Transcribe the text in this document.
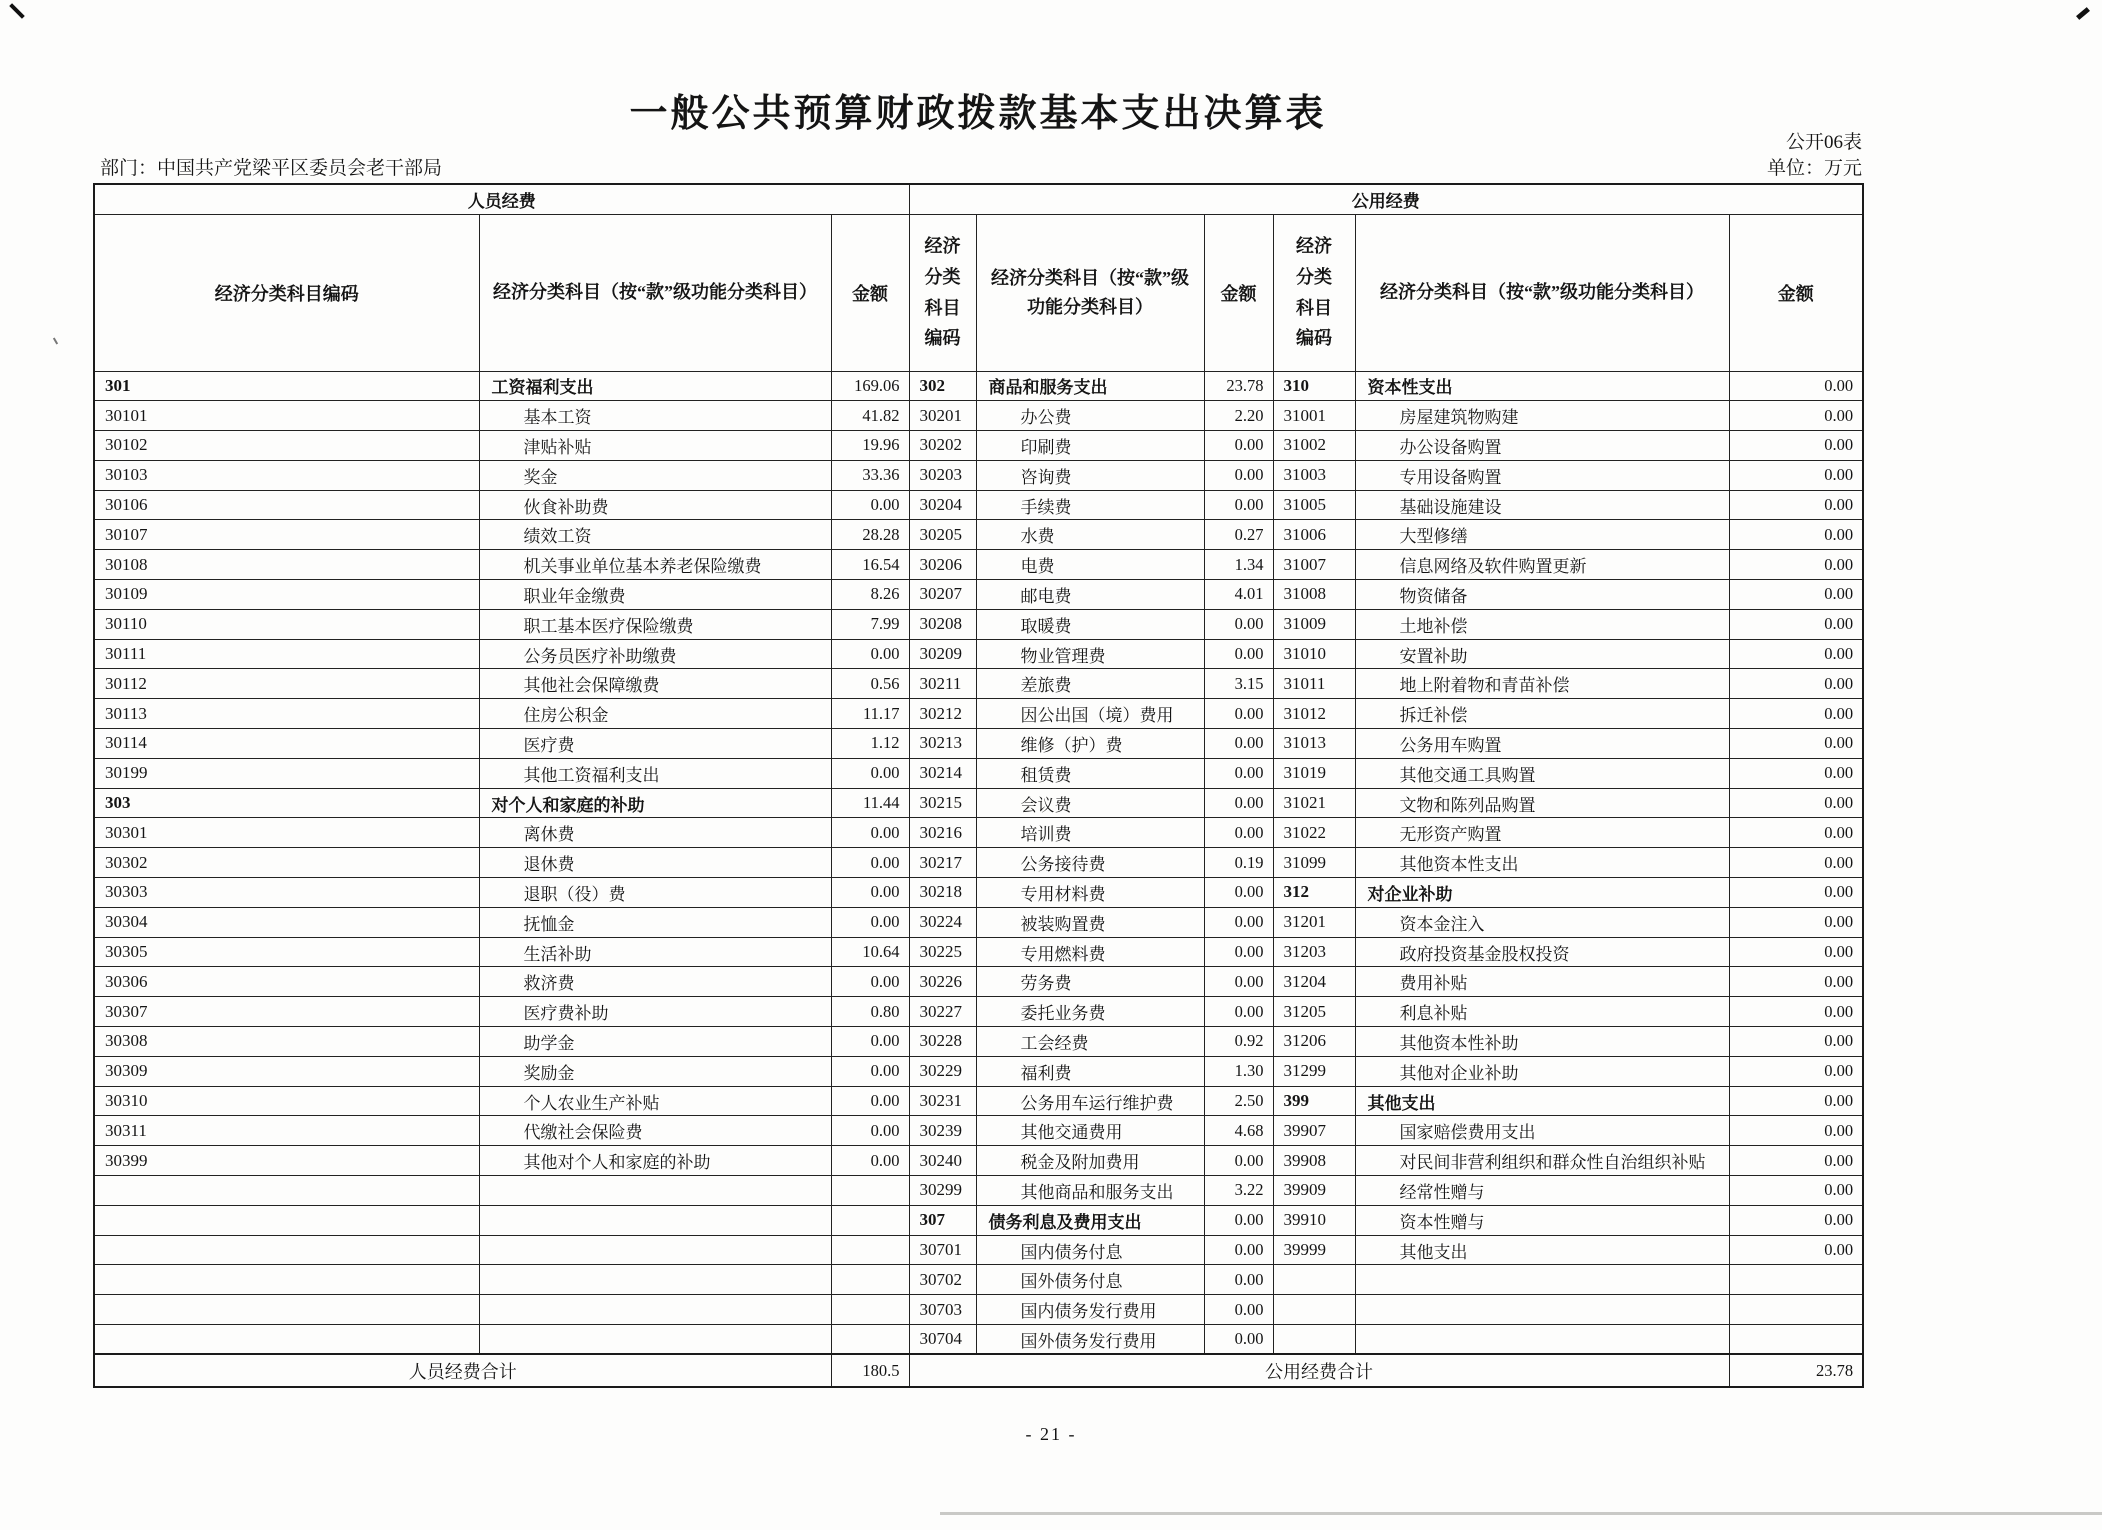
一般公共预算财政拨款基本支出决算表
公开06表
单位：万元
部门：中国共产党梁平区委员会老干部局
人员经费			公用经费					
经济分类科目编码	经济分类科目（按“款”级功能分类科目）	金额	经济分类科目编码	经济分类科目（按“款”级功能分类科目）	金额	经济分类科目编码	经济分类科目（按“款”级功能分类科目）	金额
301	工资福利支出	169.06	302	商品和服务支出	23.78	310	资本性支出	0.00
30101	基本工资	41.82	30201	办公费	2.20	31001	房屋建筑物购建	0.00
30102	津贴补贴	19.96	30202	印刷费	0.00	31002	办公设备购置	0.00
30103	奖金	33.36	30203	咨询费	0.00	31003	专用设备购置	0.00
30106	伙食补助费	0.00	30204	手续费	0.00	31005	基础设施建设	0.00
30107	绩效工资	28.28	30205	水费	0.27	31006	大型修缮	0.00
30108	机关事业单位基本养老保险缴费	16.54	30206	电费	1.34	31007	信息网络及软件购置更新	0.00
30109	职业年金缴费	8.26	30207	邮电费	4.01	31008	物资储备	0.00
30110	职工基本医疗保险缴费	7.99	30208	取暖费	0.00	31009	土地补偿	0.00
30111	公务员医疗补助缴费	0.00	30209	物业管理费	0.00	31010	安置补助	0.00
30112	其他社会保障缴费	0.56	30211	差旅费	3.15	31011	地上附着物和青苗补偿	0.00
30113	住房公积金	11.17	30212	因公出国（境）费用	0.00	31012	拆迁补偿	0.00
30114	医疗费	1.12	30213	维修（护）费	0.00	31013	公务用车购置	0.00
30199	其他工资福利支出	0.00	30214	租赁费	0.00	31019	其他交通工具购置	0.00
303	对个人和家庭的补助	11.44	30215	会议费	0.00	31021	文物和陈列品购置	0.00
30301	离休费	0.00	30216	培训费	0.00	31022	无形资产购置	0.00
30302	退休费	0.00	30217	公务接待费	0.19	31099	其他资本性支出	0.00
30303	退职（役）费	0.00	30218	专用材料费	0.00	312	对企业补助	0.00
30304	抚恤金	0.00	30224	被装购置费	0.00	31201	资本金注入	0.00
30305	生活补助	10.64	30225	专用燃料费	0.00	31203	政府投资基金股权投资	0.00
30306	救济费	0.00	30226	劳务费	0.00	31204	费用补贴	0.00
30307	医疗费补助	0.80	30227	委托业务费	0.00	31205	利息补贴	0.00
30308	助学金	0.00	30228	工会经费	0.92	31206	其他资本性补助	0.00
30309	奖励金	0.00	30229	福利费	1.30	31299	其他对企业补助	0.00
30310	个人农业生产补贴	0.00	30231	公务用车运行维护费	2.50	399	其他支出	0.00
30311	代缴社会保险费	0.00	30239	其他交通费用	4.68	39907	国家赔偿费用支出	0.00
30399	其他对个人和家庭的补助	0.00	30240	税金及附加费用	0.00	39908	对民间非营利组织和群众性自治组织补贴	0.00
			30299	其他商品和服务支出	3.22	39909	经常性赠与	0.00
			307	债务利息及费用支出	0.00	39910	资本性赠与	0.00
			30701	国内债务付息	0.00	39999	其他支出	0.00
			30702	国外债务付息	0.00			
			30703	国内债务发行费用	0.00			
			30704	国外债务发行费用	0.00			
人员经费合计		180.5	公用经费合计					23.78
- 21 -
